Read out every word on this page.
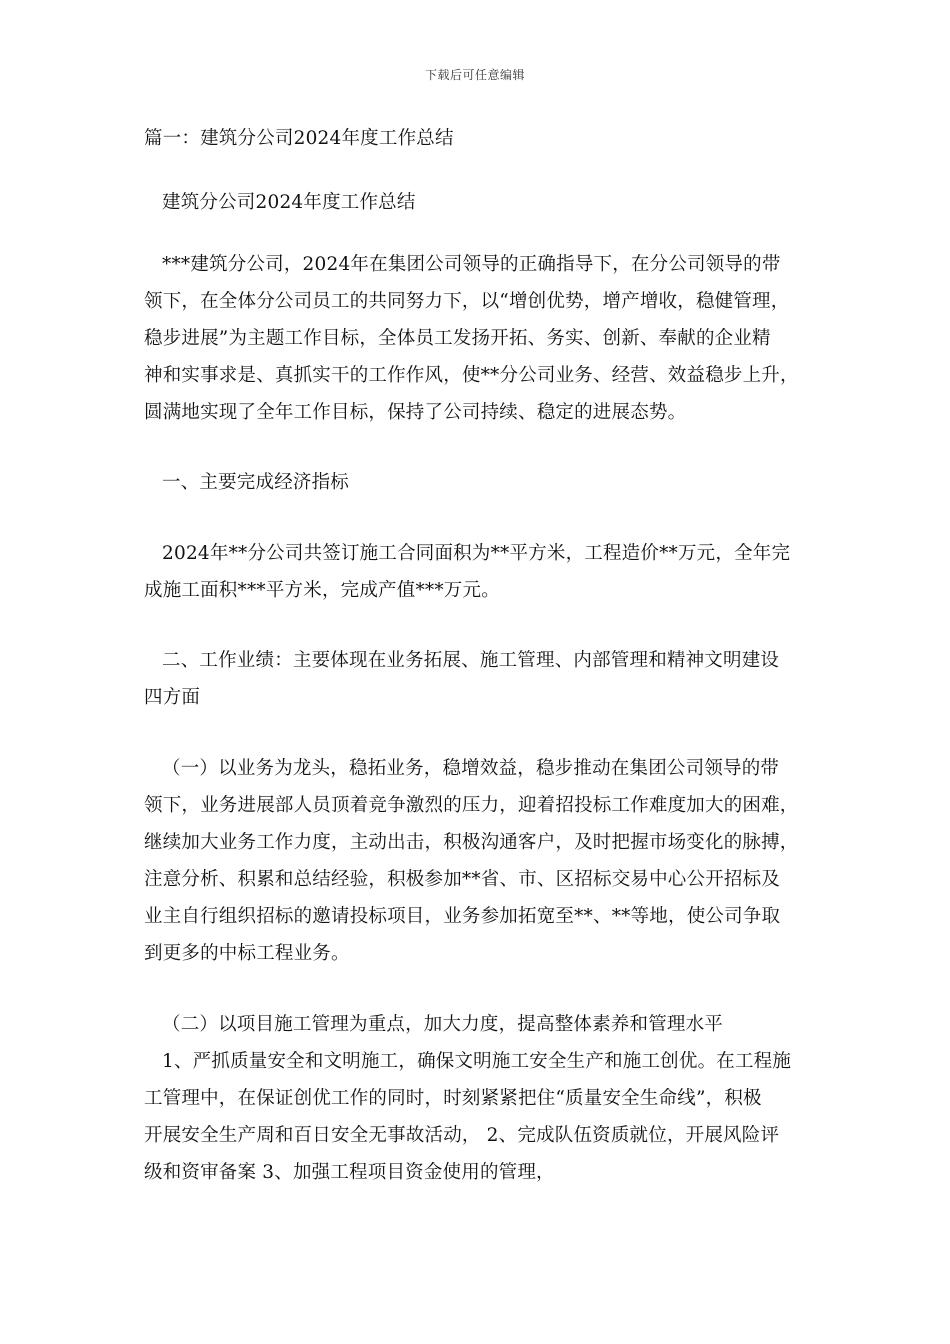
下载后可任意编辑
篇一：建筑分公司2024年度工作总结
建筑分公司2024年度工作总结
***建筑分公司，2024年在集团公司领导的正确指导下，在分公司领导的带
领下，在全体分公司员工的共同努力下，以“增创优势，增产增收，稳健管理，
稳步进展”为主题工作目标，全体员工发扬开拓、务实、创新、奉献的企业精
神和实事求是、真抓实干的工作作风，使**分公司业务、经营、效益稳步上升，
圆满地实现了全年工作目标，保持了公司持续、稳定的进展态势。
一、主要完成经济指标
2024年**分公司共签订施工合同面积为**平方米，工程造价**万元，全年完
成施工面积***平方米，完成产值***万元。
二、工作业绩：主要体现在业务拓展、施工管理、内部管理和精神文明建设
四方面
（一）以业务为龙头，稳拓业务，稳增效益，稳步推动在集团公司领导的带
领下，业务进展部人员顶着竞争激烈的压力，迎着招投标工作难度加大的困难，
继续加大业务工作力度，主动出击，积极沟通客户，及时把握市场变化的脉搏，
注意分析、积累和总结经验，积极参加**省、市、区招标交易中心公开招标及
业主自行组织招标的邀请投标项目，业务参加拓宽至**、**等地，使公司争取
到更多的中标工程业务。
（二）以项目施工管理为重点，加大力度，提高整体素养和管理水平
1、严抓质量安全和文明施工，确保文明施工安全生产和施工创优。在工程施
工管理中，在保证创优工作的同时，时刻紧紧把住“质量安全生命线”，积极
开展安全生产周和百日安全无事故活动， 2、完成队伍资质就位，开展风险评
级和资审备案 3、加强工程项目资金使用的管理，
